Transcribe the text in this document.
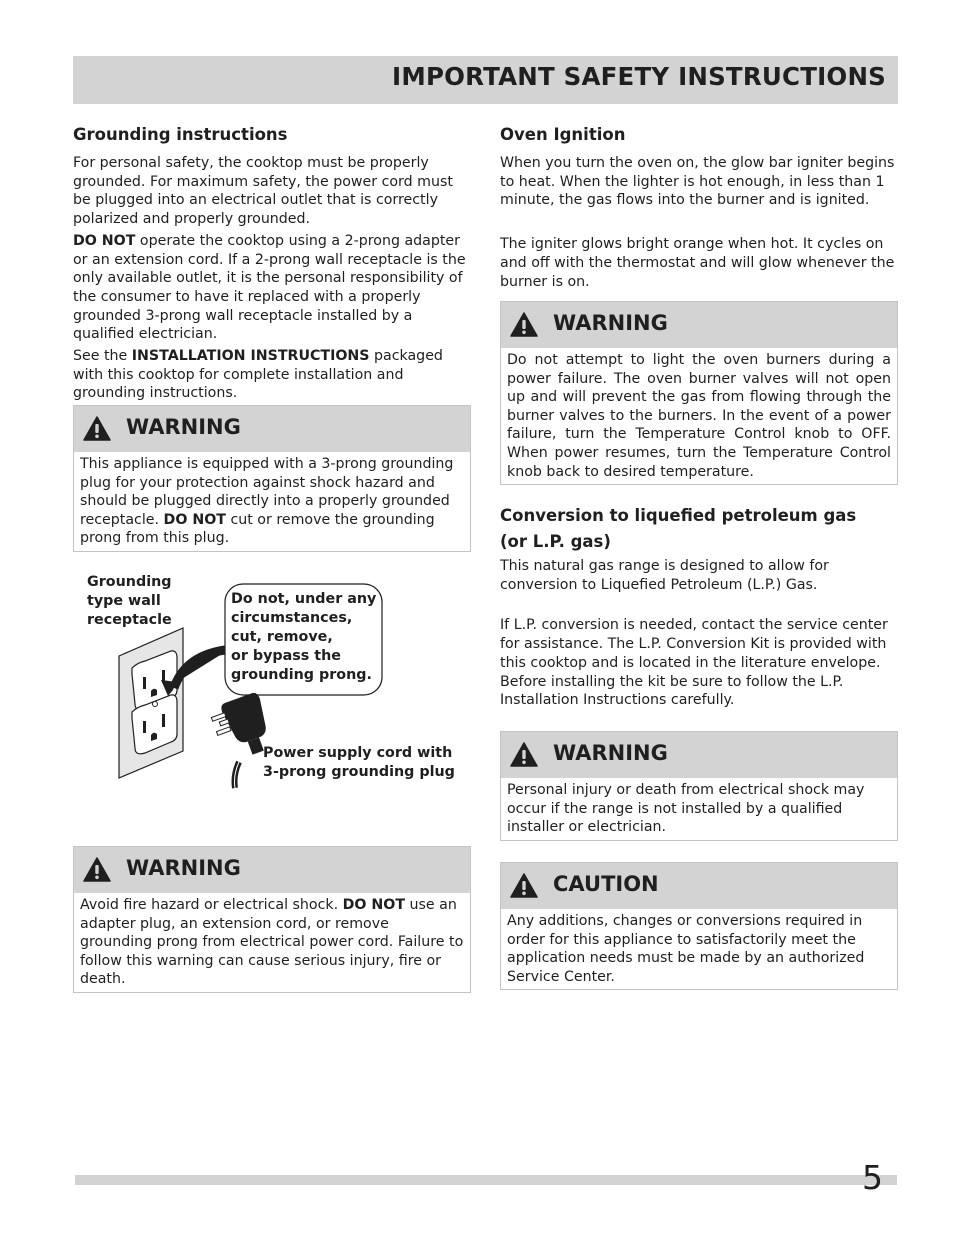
IMPORTANT SAFETY INSTRUCTIONS
Grounding instructions

For personal safety, the cooktop must be properly grounded. For maximum safety, the power cord must be plugged into an electrical outlet that is correctly polarized and properly grounded.

DO NOT operate the cooktop using a 2-prong adapter or an extension cord. If a 2-prong wall receptacle is the only available outlet, it is the personal responsibility of the consumer to have it replaced with a properly grounded 3-prong wall receptacle installed by a qualified electrician.

See the INSTALLATION INSTRUCTIONS packaged with this cooktop for complete installation and grounding instructions.

WARNING

This appliance is equipped with a 3-prong grounding plug for your protection against shock hazard and should be plugged directly into a properly grounded receptacle. DO NOT cut or remove the grounding prong from this plug.

Grounding
type wall
receptacle
Do not, under any
circumstances,
cut, remove,
or bypass the
grounding prong.
Power supply cord with
3-prong grounding plug
WARNING

Avoid fire hazard or electrical shock. DO NOT use an adapter plug, an extension cord, or remove grounding prong from electrical power cord. Failure to follow this warning can cause serious injury, fire or death.

Oven Ignition

When you turn the oven on, the glow bar igniter begins to heat. When the lighter is hot enough, in less than 1 minute, the gas flows into the burner and is ignited.

The igniter glows bright orange when hot. It cycles on and off with the thermostat and will glow whenever the burner is on.

WARNING

Do not attempt to light the oven burners during a power failure. The oven burner valves will not open up and will prevent the gas from flowing through the burner valves to the burners. In the event of a power failure, turn the Temperature Control knob to OFF. When power resumes, turn the Temperature Control knob back to desired temperature.

Conversion to liquefied petroleum gas
(or L.P. gas)

This natural gas range is designed to allow for conversion to Liquefied Petroleum (L.P.) Gas.

If L.P. conversion is needed, contact the service center for assistance. The L.P. Conversion Kit is provided with this cooktop and is located in the literature envelope. Before installing the kit be sure to follow the L.P. Installation Instructions carefully.

WARNING

Personal injury or death from electrical shock may occur if the range is not installed by a qualified installer or electrician.

CAUTION

Any additions, changes or conversions required in order for this appliance to satisfactorily meet the application needs must be made by an authorized Service Center.

5
